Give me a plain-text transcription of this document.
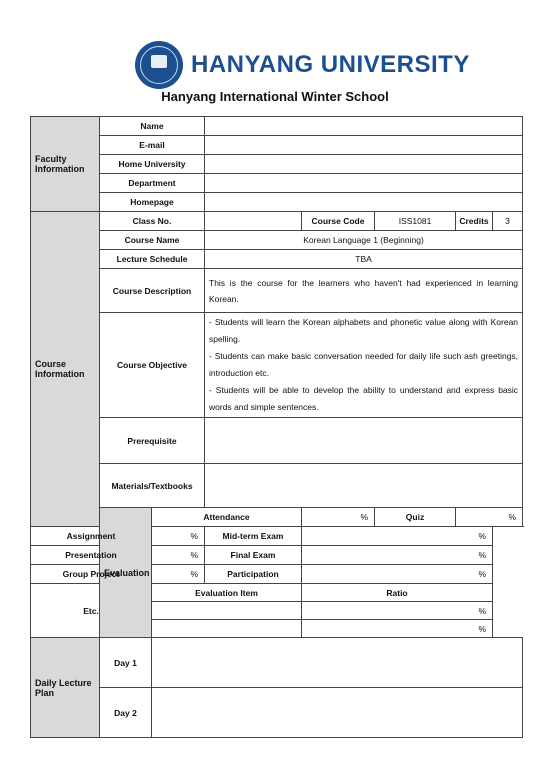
HANYANG UNIVERSITY
Hanyang International Winter School
Faculty Information	Name						
	E-mail						
	Home University						
	Department						
	Homepage						
Course Information	Class No.			Course Code	ISS1081	Credits	3
	Course Name		Korean Language 1 (Beginning)				
	Lecture Schedule		TBA				
	Course Description		This is the course for the learners who haven't had experienced in learning Korean.				
	Course Objective		- Students will learn the Korean alphabets and phonetic value along with Korean spelling.
- Students can make basic conversation needed for daily life such ash greetings, introduction etc.
- Students will be able to develop the ability to understand and express basic words and simple sentences.				

	Prerequisite						
	Materials/Textbooks						
	Evaluation	Attendance		%	Quiz	%	
Assignment		%	Mid-term Exam	%			
Presentation		%	Final Exam	%			
Group Project		%	Participation	%			
Etc.		Evaluation Item		Ratio			
				%			
				%			
Daily Lecture Plan	Day 1						
	Day 2						
